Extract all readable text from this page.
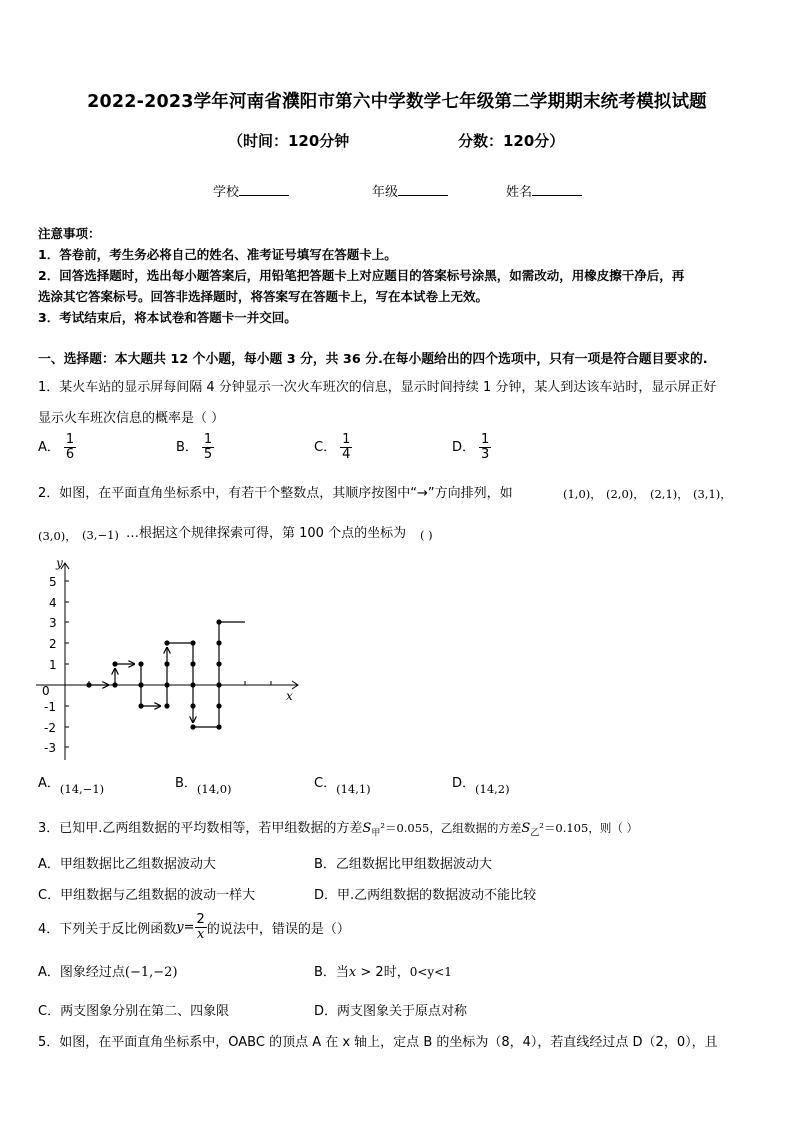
2022-2023学年河南省濮阳市第六中学数学七年级第二学期期末统考模拟试题
（时间：120分钟	分数：120分）
学校	年级	姓名
注意事项：
1．答卷前，考生务必将自己的姓名、准考证号填写在答题卡上。
2．回答选择题时，选出每小题答案后，用铅笔把答题卡上对应题目的答案标号涂黑，如需改动，用橡皮擦干净后，再
选涂其它答案标号。回答非选择题时，将答案写在答题卡上，写在本试卷上无效。
3．考试结束后，将本试卷和答题卡一并交回。
一、选择题：本大题共 12 个小题，每小题 3 分，共 36 分.在每小题给出的四个选项中，只有一项是符合题目要求的.
1．某火车站的显示屏每间隔 4 分钟显示一次火车班次的信息，显示时间持续 1 分钟，某人到达该车站时，显示屏正好
显示火车班次信息的概率是（ ）
A． $\frac{1}{6}$	B． $\frac{1}{5}$	C． $\frac{1}{4}$	D． $\frac{1}{3}$
2．如图，在平面直角坐标系中，有若干个整数点，其顺序按图中“→”方向排列，如	(1,0)， (2,0)， (2,1)， (3,1)，
(3,0)， (3,−1) …根据这个规律探索可得，第 100 个点的坐标为 ( )
y
x
0
5
4
3
2
1
-1
-2
-3
A．(14,−1)	B．(14,0)	C．(14,1)	D．(14,2)
3．已知甲.乙两组数据的平均数相等，若甲组数据的方差$S_甲^2=0.055$，乙组数据的方差$S_乙^2=0.105$，则（ ）
A．甲组数据比乙组数据波动大	B．乙组数据比甲组数据波动大
C．甲组数据与乙组数据的波动一样大	D．甲.乙两组数据的数据波动不能比较
4．下列关于反比例函数 $y = \frac{2}{x}$ 的说法中，错误的是（）
A．图象经过点(−1,−2)	B．当x > 2时，0<y<1
C．两支图象分别在第二、四象限	D．两支图象关于原点对称
5．如图，在平面直角坐标系中，OABC 的顶点 A 在 x 轴上，定点 B 的坐标为（8，4），若直线经过点 D（2，0），且
